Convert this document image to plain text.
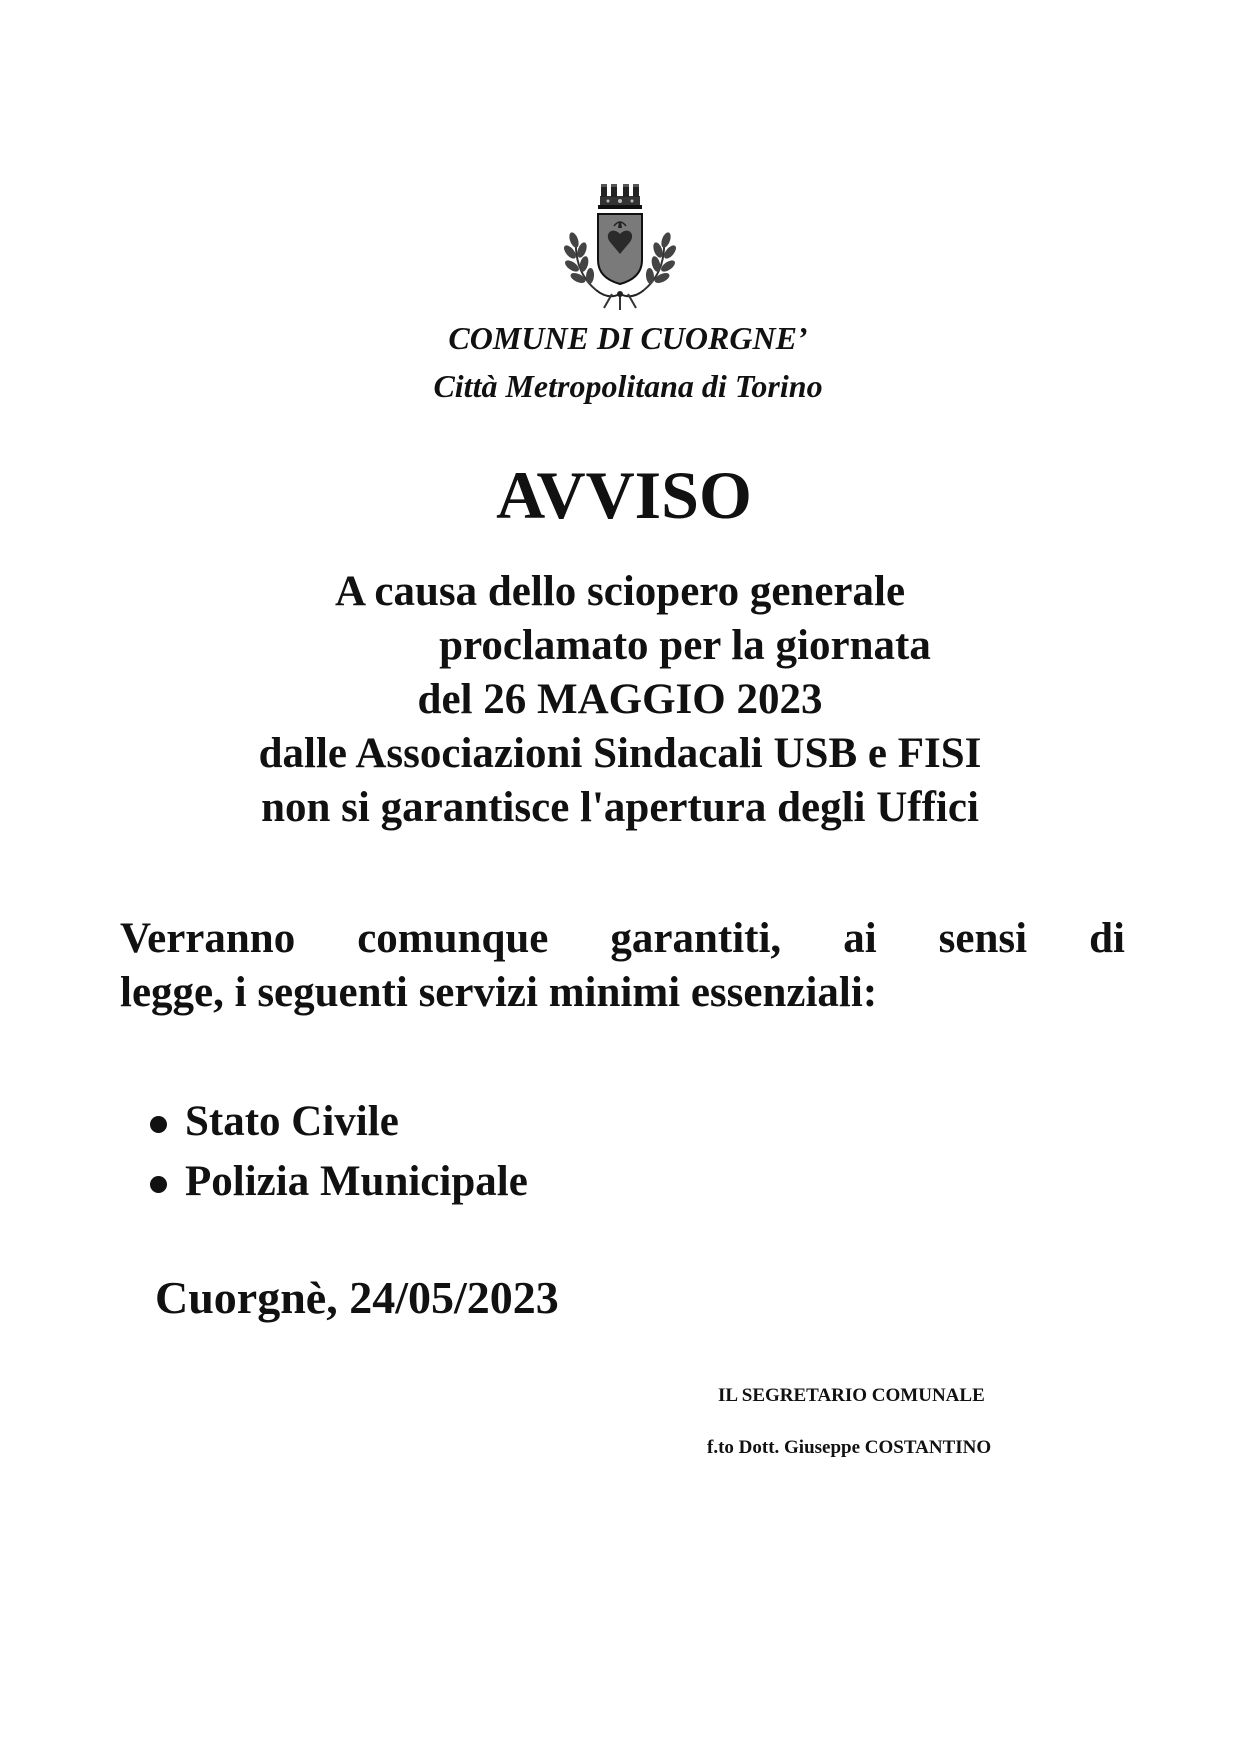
COMUNE DI CUORGNE’
Città Metropolitana di Torino
AVVISO
A causa dello sciopero generale
proclamato per la giornata
del 26 MAGGIO 2023
dalle Associazioni Sindacali USB e FISI
non si garantisce l'apertura degli Uffici
Verranno comunque garantiti, ai sensi di
legge, i seguenti servizi minimi essenziali:
Stato Civile
Polizia Municipale
Cuorgnè, 24/05/2023
IL SEGRETARIO COMUNALE
f.to Dott. Giuseppe COSTANTINO
